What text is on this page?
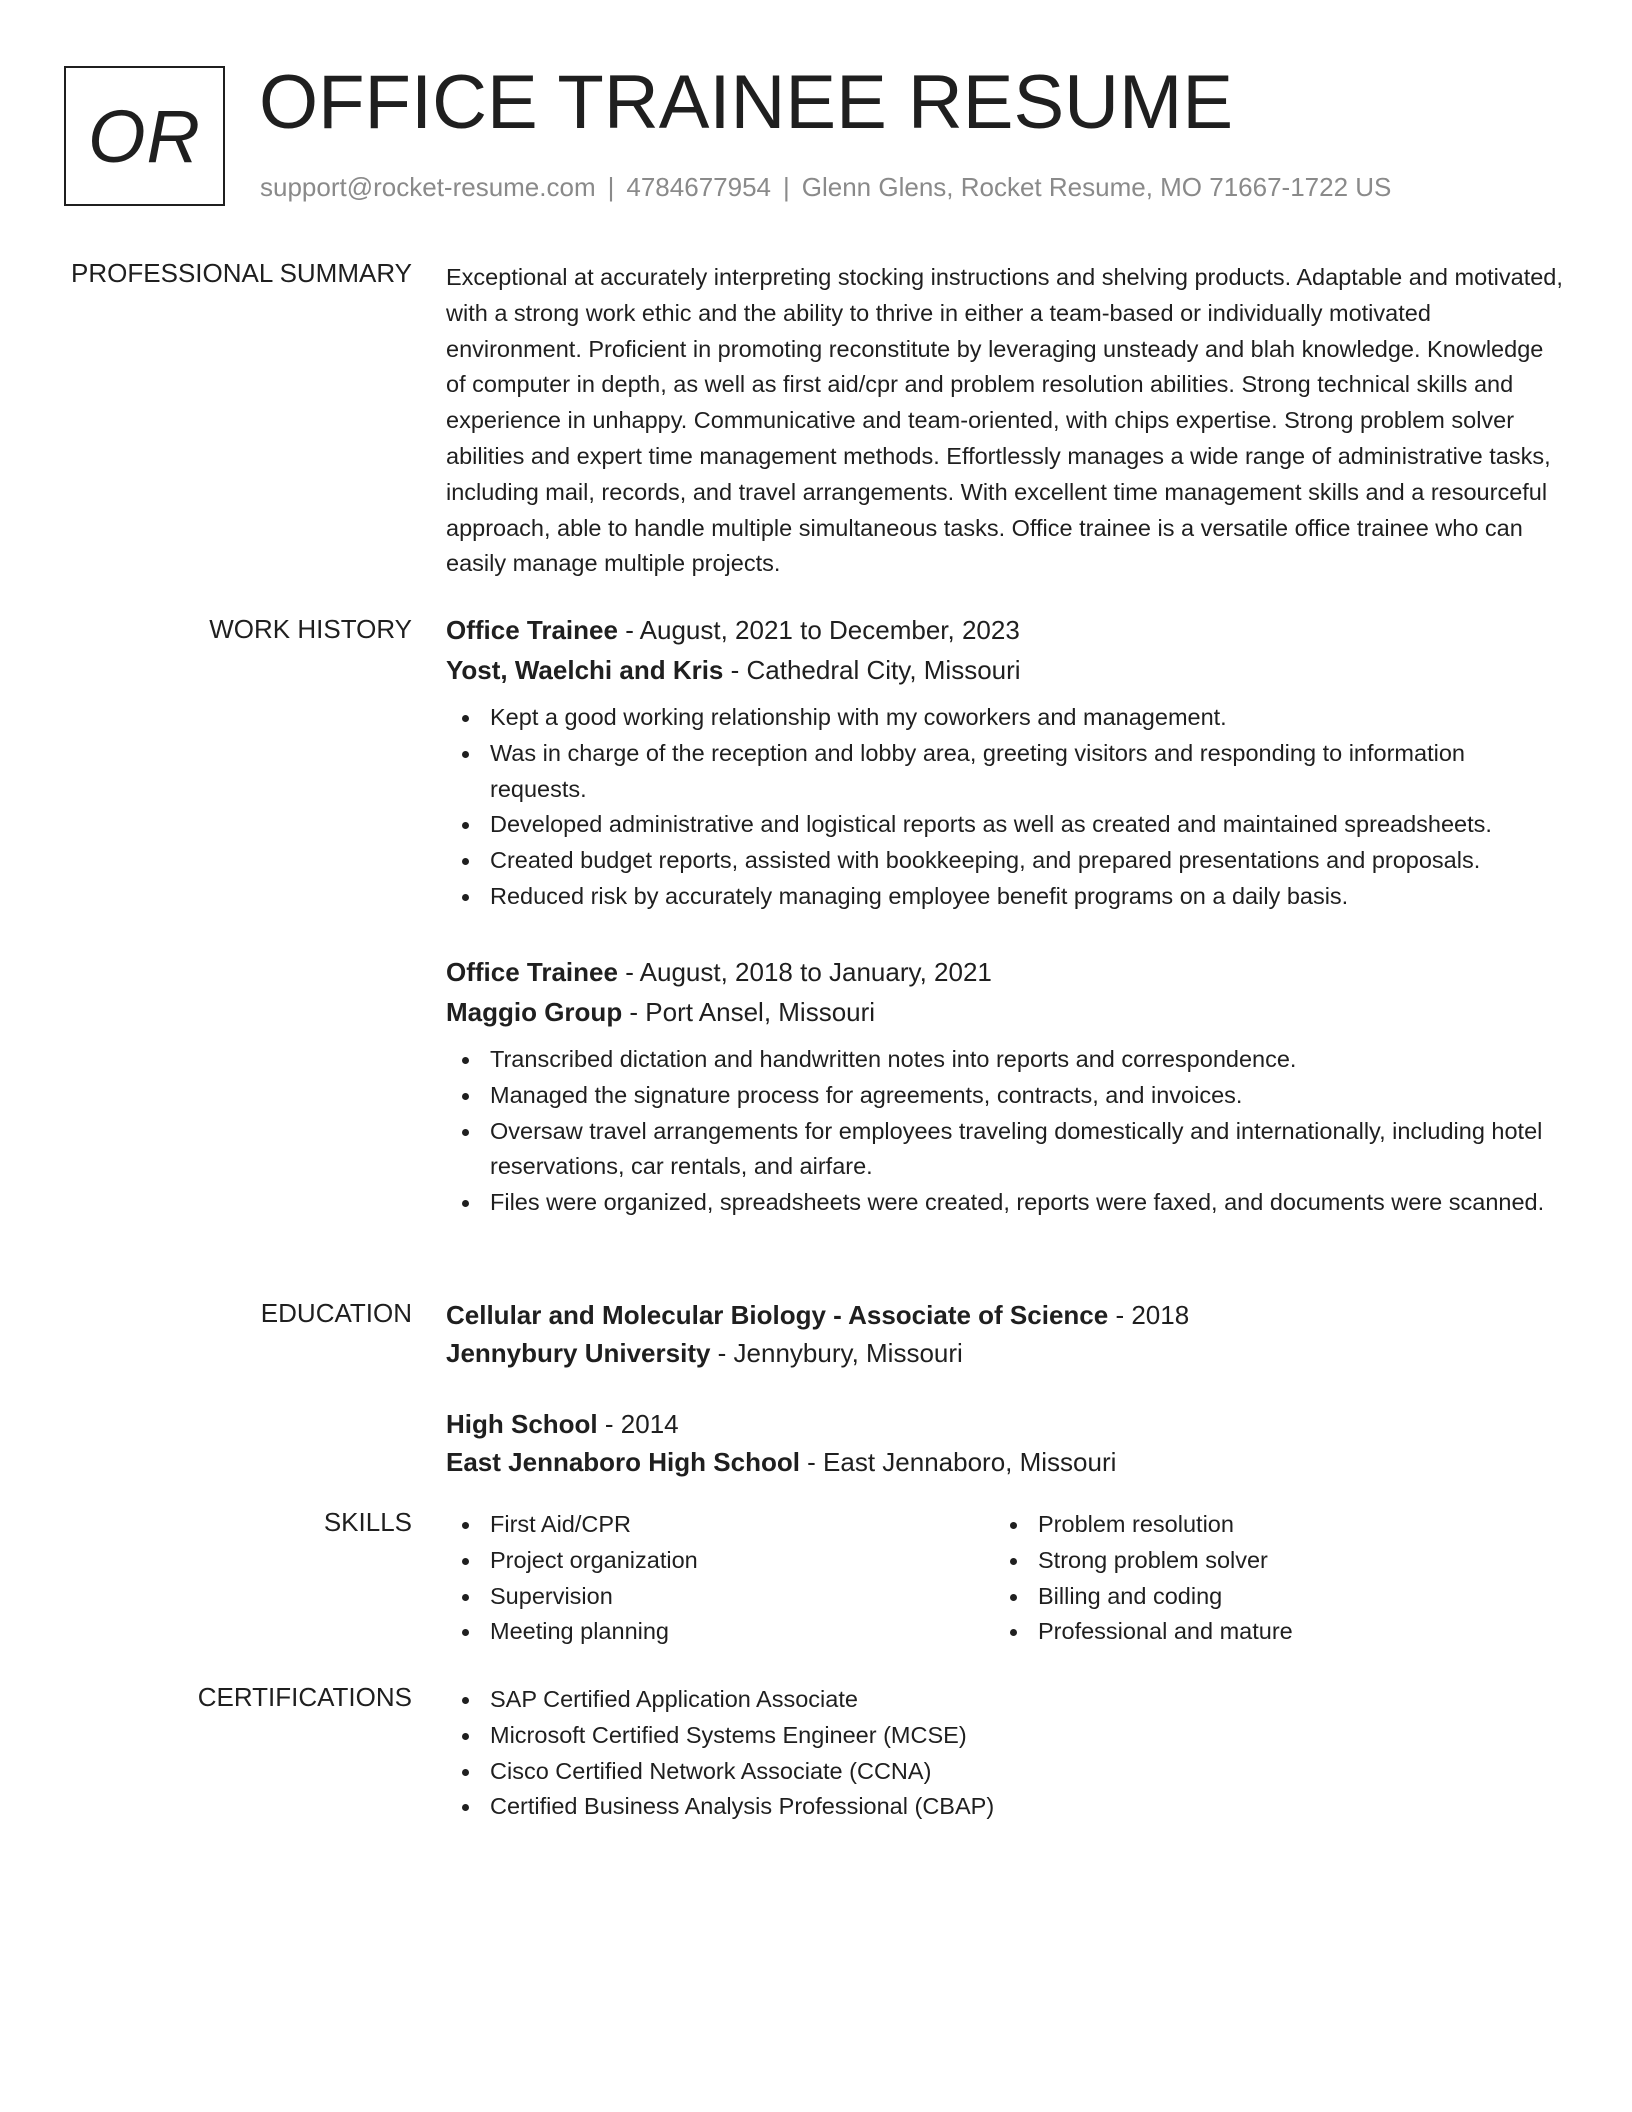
OR OFFICE TRAINEE RESUME
support@rocket-resume.com | 4784677954 | Glenn Glens, Rocket Resume, MO 71667-1722 US
PROFESSIONAL SUMMARY Exceptional at accurately interpreting stocking instructions and shelving products. Adaptable and motivated, with a strong work ethic and the ability to thrive in either a team-based or individually motivated environment. Proficient in promoting reconstitute by leveraging unsteady and blah knowledge. Knowledge of computer in depth, as well as first aid/cpr and problem resolution abilities. Strong technical skills and experience in unhappy. Communicative and team-oriented, with chips expertise. Strong problem solver abilities and expert time management methods. Effortlessly manages a wide range of administrative tasks, including mail, records, and travel arrangements. With excellent time management skills and a resourceful approach, able to handle multiple simultaneous tasks. Office trainee is a versatile office trainee who can easily manage multiple projects.

WORK HISTORY Office Trainee - August, 2021 to December, 2023
Yost, Waelchi and Kris - Cathedral City, Missouri
Kept a good working relationship with my coworkers and management.
Was in charge of the reception and lobby area, greeting visitors and responding to information requests.
Developed administrative and logistical reports as well as created and maintained spreadsheets.
Created budget reports, assisted with bookkeeping, and prepared presentations and proposals.
Reduced risk by accurately managing employee benefit programs on a daily basis.
Office Trainee - August, 2018 to January, 2021
Maggio Group - Port Ansel, Missouri
Transcribed dictation and handwritten notes into reports and correspondence.
Managed the signature process for agreements, contracts, and invoices.
Oversaw travel arrangements for employees traveling domestically and internationally, including hotel reservations, car rentals, and airfare.
Files were organized, spreadsheets were created, reports were faxed, and documents were scanned.
EDUCATION Cellular and Molecular Biology - Associate of Science - 2018
Jennybury University - Jennybury, Missouri
High School - 2014
East Jennaboro High School - East Jennaboro, Missouri
SKILLS	First Aid/CPR
Project organization
Supervision
Meeting planning
Problem resolution
Strong problem solver
Billing and coding
Professional and mature
CERTIFICATIONS	SAP Certified Application Associate
Microsoft Certified Systems Engineer (MCSE)
Cisco Certified Network Associate (CCNA)
Certified Business Analysis Professional (CBAP)
